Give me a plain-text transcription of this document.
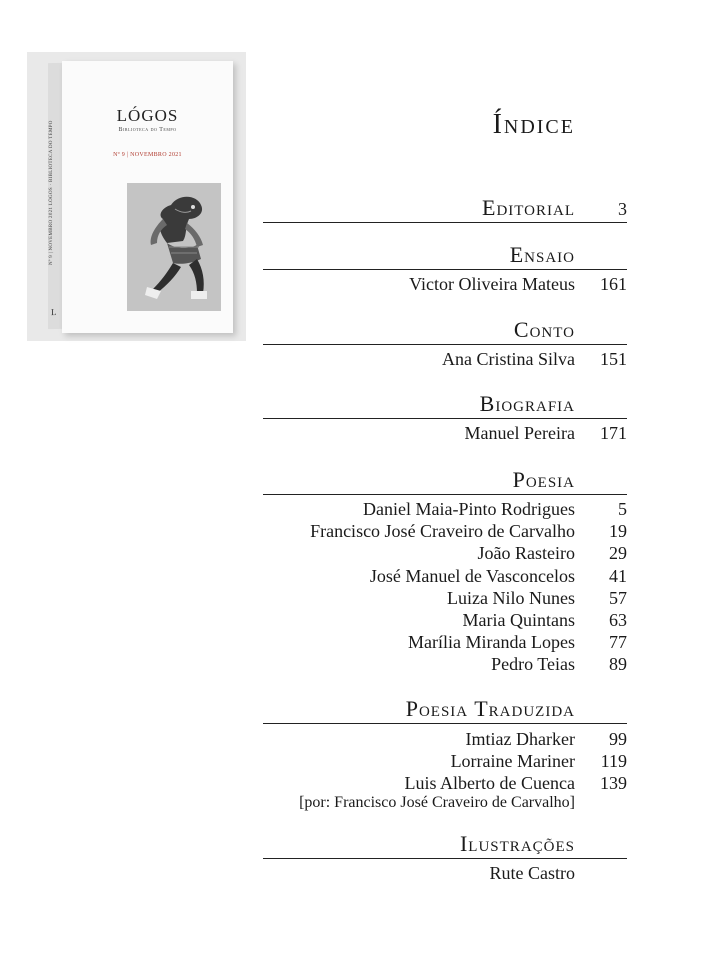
Nº 9 | NOVEMBRO 2021 LÓGOS · BIBLIOTECA DO TEMPO
L
LÓGOS
Biblioteca do Tempo
Nº 9 | NOVEMBRO 2021
Índice
Editorial 3
Ensaio
Victor Oliveira Mateus 161
Conto
Ana Cristina Silva 151
Biografia
Manuel Pereira 171
Poesia
Daniel Maia-Pinto Rodrigues 5
Francisco José Craveiro de Carvalho 19
João Rasteiro 29
José Manuel de Vasconcelos 41
Luiza Nilo Nunes 57
Maria Quintans 63
Marília Miranda Lopes 77
Pedro Teias 89
Poesia Traduzida
Imtiaz Dharker 99
Lorraine Mariner 119
Luis Alberto de Cuenca 139
[por: Francisco José Craveiro de Carvalho]
Ilustrações
Rute Castro
